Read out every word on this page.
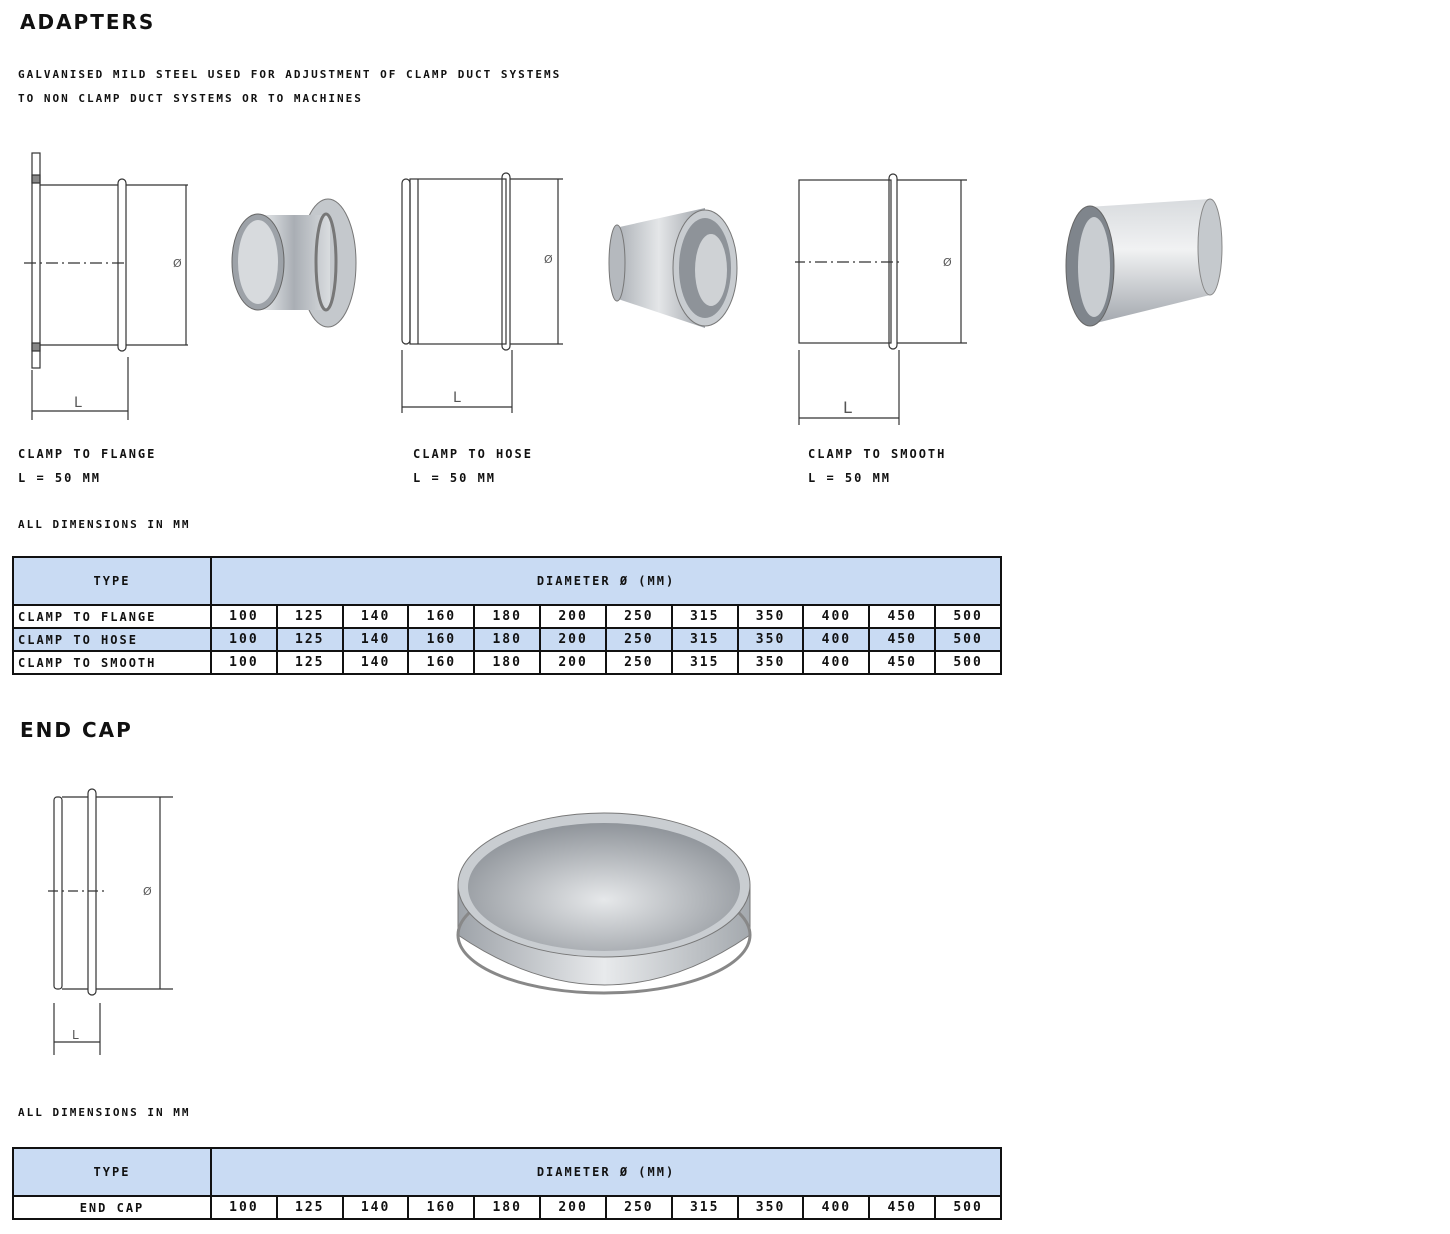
ADAPTERS
GALVANISED MILD STEEL USED FOR ADJUSTMENT OF CLAMP DUCT SYSTEMS
TO NON CLAMP DUCT SYSTEMS OR TO MACHINES
Ø
L
Ø
L
Ø
L
CLAMP TO FLANGE
L = 50 MM
CLAMP TO HOSE
L = 50 MM
CLAMP TO SMOOTH
L = 50 MM
ALL DIMENSIONS IN MM
TYPE	DIAMETER Ø (MM)											
CLAMP TO FLANGE	100	125	140	160	180	200	250	315	350	400	450	500
CLAMP TO HOSE	100	125	140	160	180	200	250	315	350	400	450	500
CLAMP TO SMOOTH	100	125	140	160	180	200	250	315	350	400	450	500
END CAP
Ø
L
ALL DIMENSIONS IN MM
TYPE	DIAMETER Ø (MM)											
END CAP	100	125	140	160	180	200	250	315	350	400	450	500
